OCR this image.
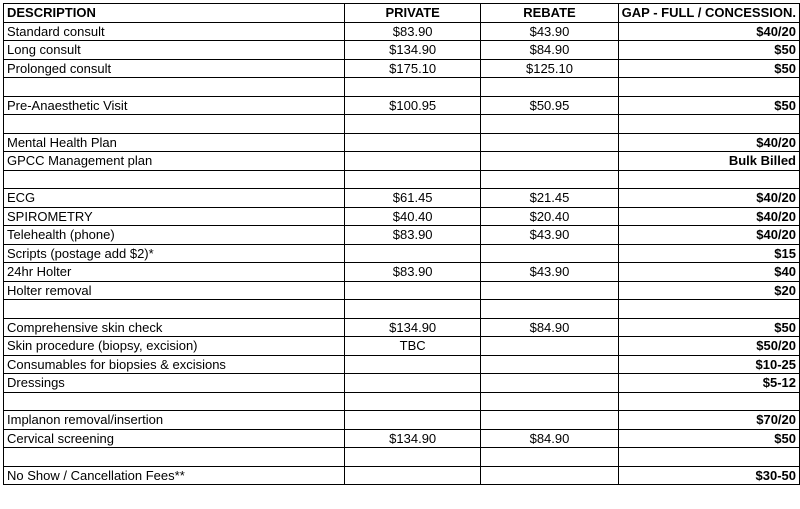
DESCRIPTION	PRIVATE	REBATE	GAP - FULL / CONCESSION.
Standard consult	$83.90	$43.90	$40/20
Long consult	$134.90	$84.90	$50
Prolonged consult	$175.10	$125.10	$50

Pre-Anaesthetic Visit	$100.95	$50.95	$50

Mental Health Plan			$40/20
GPCC Management plan			Bulk Billed

ECG	$61.45	$21.45	$40/20
SPIROMETRY	$40.40	$20.40	$40/20
Telehealth (phone)	$83.90	$43.90	$40/20
Scripts (postage add $2)*			$15
24hr Holter	$83.90	$43.90	$40
Holter removal			$20

Comprehensive skin check	$134.90	$84.90	$50
Skin procedure (biopsy, excision)	TBC		$50/20
Consumables for biopsies & excisions			$10-25
Dressings			$5-12

Implanon removal/insertion			$70/20
Cervical screening	$134.90	$84.90	$50

No Show / Cancellation Fees**			$30-50
